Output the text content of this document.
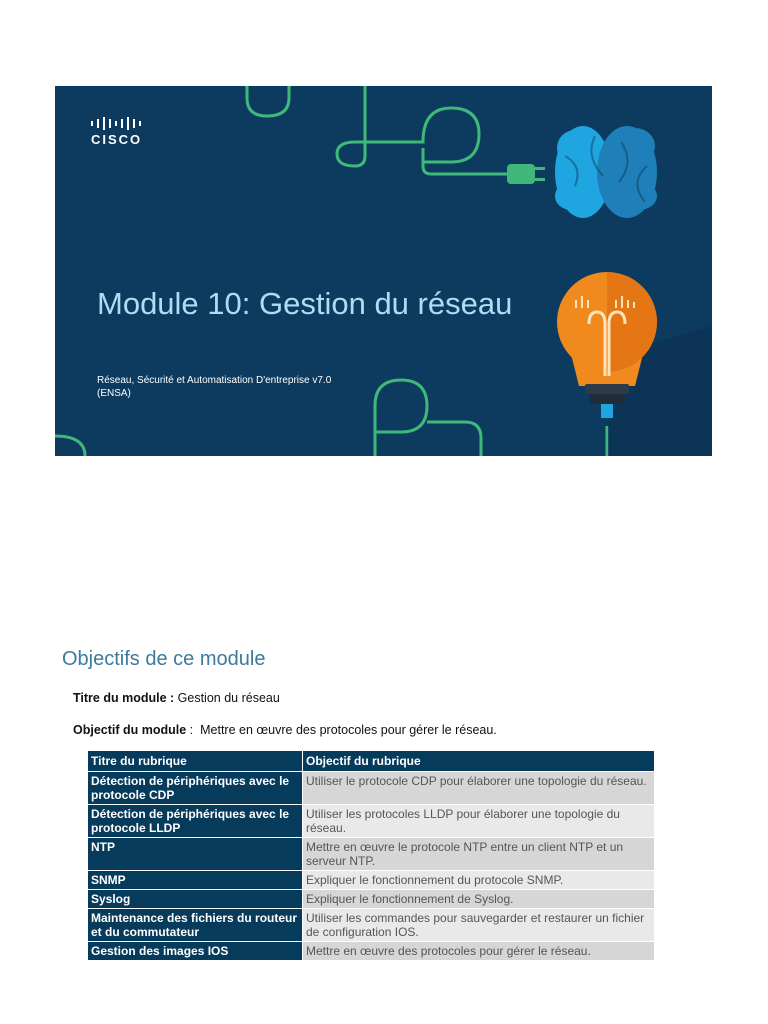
CISCO
Module 10: Gestion du réseau
Réseau, Sécurité et Automatisation D'entreprise v7.0
(ENSA)
Objectifs de ce module
Titre du module : Gestion du réseau
Objectif du module :  Mettre en œuvre des protocoles pour gérer le réseau.
Titre du rubrique	Objectif du rubrique
Détection de périphériques avec le protocole CDP	Utiliser le protocole CDP pour élaborer une topologie du réseau.
Détection de périphériques avec le protocole LLDP	Utiliser les protocoles LLDP pour élaborer une topologie du réseau.
NTP	Mettre en œuvre le protocole NTP entre un client NTP et un serveur NTP.
SNMP	Expliquer le fonctionnement du protocole SNMP.
Syslog	Expliquer le fonctionnement de Syslog.
Maintenance des fichiers du routeur et du commutateur	Utiliser les commandes pour sauvegarder et restaurer un fichier de configuration IOS.
Gestion des images IOS	Mettre en œuvre des protocoles pour gérer le réseau.
